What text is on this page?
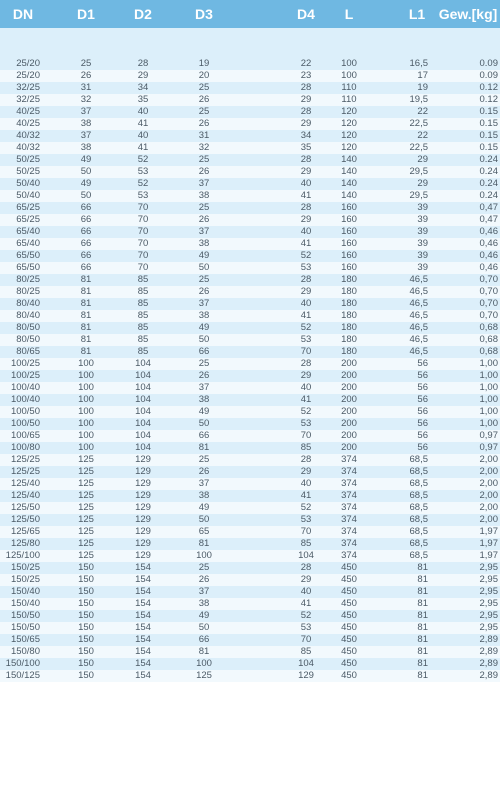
DN	D1	D2	D3	D4	L	L1 Gew.[kg]
25/20	25	28	19	22	100	16,5	0.09
25/20	26	29	20	23	100	17	0.09
32/25	31	34	25	28	110	19	0.12
32/25	32	35	26	29	110	19,5	0.12
40/25	37	40	25	28	120	22	0.15
40/25	38	41	26	29	120	22,5	0.15
40/32	37	40	31	34	120	22	0.15
40/32	38	41	32	35	120	22,5	0.15
50/25	49	52	25	28	140	29	0.24
50/25	50	53	26	29	140	29,5	0.24
50/40	49	52	37	40	140	29	0.24
50/40	50	53	38	41	140	29,5	0.24
65/25	66	70	25	28	160	39	0,47
65/25	66	70	26	29	160	39	0,47
65/40	66	70	37	40	160	39	0,46
65/40	66	70	38	41	160	39	0,46
65/50	66	70	49	52	160	39	0,46
65/50	66	70	50	53	160	39	0,46
80/25	81	85	25	28	180	46,5	0,70
80/25	81	85	26	29	180	46,5	0,70
80/40	81	85	37	40	180	46,5	0,70
80/40	81	85	38	41	180	46,5	0,70
80/50	81	85	49	52	180	46,5	0,68
80/50	81	85	50	53	180	46,5	0,68
80/65	81	85	66	70	180	46,5	0,68
100/25	100	104	25	28	200	56	1,00
100/25	100	104	26	29	200	56	1,00
100/40	100	104	37	40	200	56	1,00
100/40	100	104	38	41	200	56	1,00
100/50	100	104	49	52	200	56	1,00
100/50	100	104	50	53	200	56	1,00
100/65	100	104	66	70	200	56	0,97
100/80	100	104	81	85	200	56	0,97
125/25	125	129	25	28	374	68,5	2,00
125/25	125	129	26	29	374	68,5	2,00
125/40	125	129	37	40	374	68,5	2,00
125/40	125	129	38	41	374	68,5	2,00
125/50	125	129	49	52	374	68,5	2,00
125/50	125	129	50	53	374	68,5	2,00
125/65	125	129	65	70	374	68,5	1,97
125/80	125	129	81	85	374	68,5	1,97
125/100	125	129	100	104	374	68,5	1,97
150/25	150	154	25	28	450	81	2,95
150/25	150	154	26	29	450	81	2,95
150/40	150	154	37	40	450	81	2,95
150/40	150	154	38	41	450	81	2,95
150/50	150	154	49	52	450	81	2,95
150/50	150	154	50	53	450	81	2,95
150/65	150	154	66	70	450	81	2,89
150/80	150	154	81	85	450	81	2,89
150/100	150	154	100	104	450	81	2,89
150/125	150	154	125	129	450	81	2,89
